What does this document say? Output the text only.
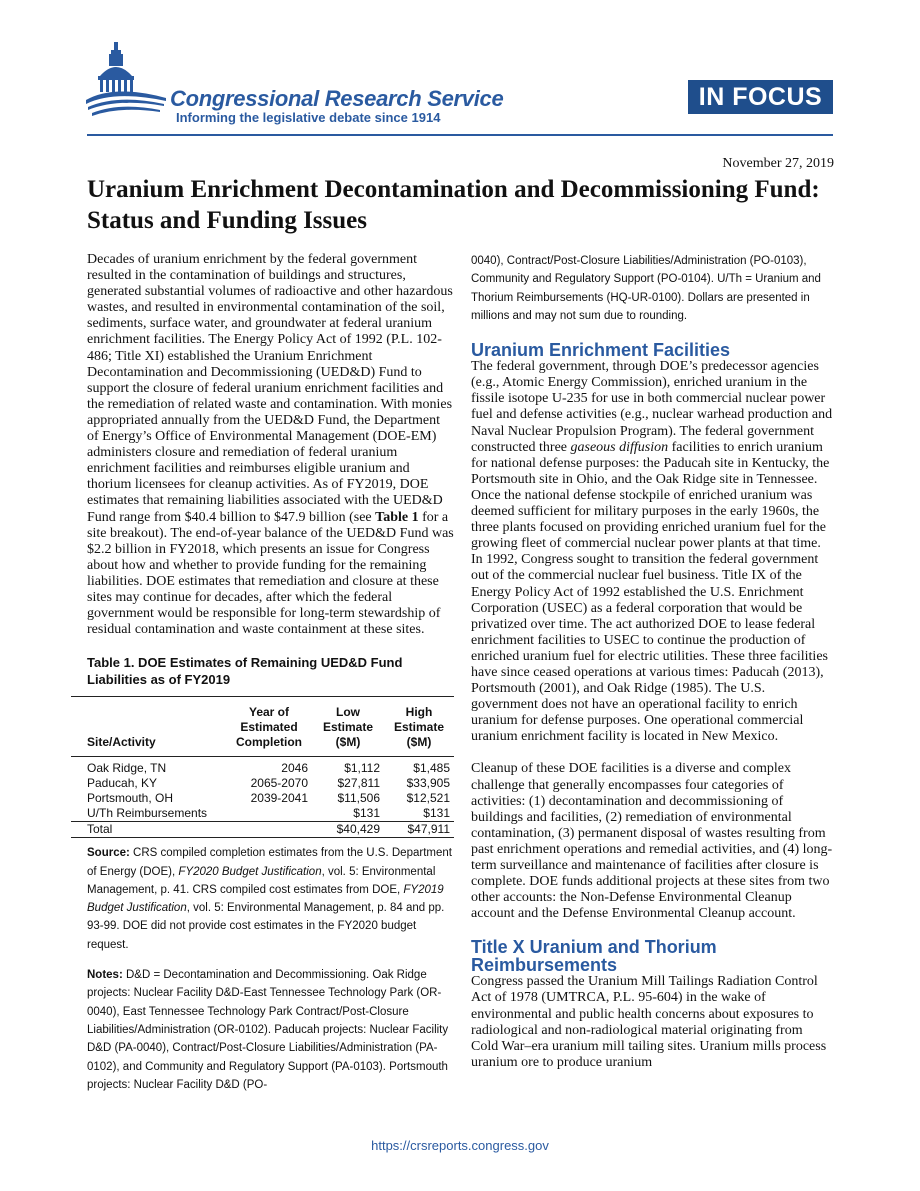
Congressional Research Service
Informing the legislative debate since 1914
IN FOCUS
November 27, 2019
Uranium Enrichment Decontamination and Decommissioning Fund: Status and Funding Issues

Decades of uranium enrichment by the federal government resulted in the contamination of buildings and structures, generated substantial volumes of radioactive and other hazardous wastes, and resulted in environmental contamination of the soil, sediments, surface water, and groundwater at federal uranium enrichment facilities. The Energy Policy Act of 1992 (P.L. 102-486; Title XI) established the Uranium Enrichment Decontamination and Decommissioning (UED&D) Fund to support the closure of federal uranium enrichment facilities and the remediation of related waste and contamination. With monies appropriated annually from the UED&D Fund, the Department of Energy’s Office of Environmental Management (DOE-EM) administers closure and remediation of federal uranium enrichment facilities and reimburses eligible uranium and thorium licensees for cleanup activities. As of FY2019, DOE estimates that remaining liabilities associated with the UED&D Fund range from $40.4 billion to $47.9 billion (see Table 1 for a site breakout). The end-of-year balance of the UED&D Fund was $2.2 billion in FY2018, which presents an issue for Congress about how and whether to provide funding for the remaining liabilities. DOE estimates that remediation and closure at these sites may continue for decades, after which the federal government would be responsible for long-term stewardship of residual contamination and waste containment at these sites.

Table 1. DOE Estimates of Remaining UED&D Fund Liabilities as of FY2019

Site/Activity	Year of Estimated Completion	Low Estimate ($M)	High Estimate ($M)

Oak Ridge, TN	2046	$1,112	$1,485
Paducah, KY	2065-2070	$27,811	$33,905
Portsmouth, OH	2039-2041	$11,506	$12,521
U/Th Reimbursements		$131	$131
Total		$40,429	$47,911
Source: CRS compiled completion estimates from the U.S. Department of Energy (DOE), FY2020 Budget Justification, vol. 5: Environmental Management, p. 41. CRS compiled cost estimates from DOE, FY2019 Budget Justification, vol. 5: Environmental Management, p. 84 and pp. 93-99. DOE did not provide cost estimates in the FY2020 budget request.
Notes: D&D = Decontamination and Decommissioning. Oak Ridge projects: Nuclear Facility D&D-East Tennessee Technology Park (OR-0040), East Tennessee Technology Park Contract/Post-Closure Liabilities/Administration (OR-0102). Paducah projects: Nuclear Facility D&D (PA-0040), Contract/Post-Closure Liabilities/Administration (PA-0102), and Community and Regulatory Support (PA-0103). Portsmouth projects: Nuclear Facility D&D (PO-
0040), Contract/Post-Closure Liabilities/Administration (PO-0103), Community and Regulatory Support (PO-0104). U/Th = Uranium and Thorium Reimbursements (HQ-UR-0100). Dollars are presented in millions and may not sum due to rounding.
Uranium Enrichment Facilities

The federal government, through DOE’s predecessor agencies (e.g., Atomic Energy Commission), enriched uranium in the fissile isotope U-235 for use in both commercial nuclear power fuel and defense activities (e.g., nuclear warhead production and Naval Nuclear Propulsion Program). The federal government constructed three gaseous diffusion facilities to enrich uranium for national defense purposes: the Paducah site in Kentucky, the Portsmouth site in Ohio, and the Oak Ridge site in Tennessee. Once the national defense stockpile of enriched uranium was deemed sufficient for military purposes in the early 1960s, the three plants focused on providing enriched uranium fuel for the growing fleet of commercial nuclear power plants at that time. In 1992, Congress sought to transition the federal government out of the commercial nuclear fuel business. Title IX of the Energy Policy Act of 1992 established the U.S. Enrichment Corporation (USEC) as a federal corporation that would be privatized over time. The act authorized DOE to lease federal enrichment facilities to USEC to continue the production of enriched uranium fuel for electric utilities. These three facilities have since ceased operations at various times: Paducah (2013), Portsmouth (2001), and Oak Ridge (1985). The U.S. government does not have an operational facility to enrich uranium for defense purposes. One operational commercial uranium enrichment facility is located in New Mexico.

Cleanup of these DOE facilities is a diverse and complex challenge that generally encompasses four categories of activities: (1) decontamination and decommissioning of buildings and facilities, (2) remediation of environmental contamination, (3) permanent disposal of wastes resulting from past enrichment operations and remedial activities, and (4) long-term surveillance and maintenance of facilities after closure is complete. DOE funds additional projects at these sites from two other accounts: the Non-Defense Environmental Cleanup account and the Defense Environmental Cleanup account.

Title X Uranium and Thorium Reimbursements

Congress passed the Uranium Mill Tailings Radiation Control Act of 1978 (UMTRCA, P.L. 95-604) in the wake of environmental and public health concerns about exposures to radiological and non-radiological material originating from Cold War–era uranium mill tailing sites. Uranium mills process uranium ore to produce uranium

https://crsreports.congress.gov
